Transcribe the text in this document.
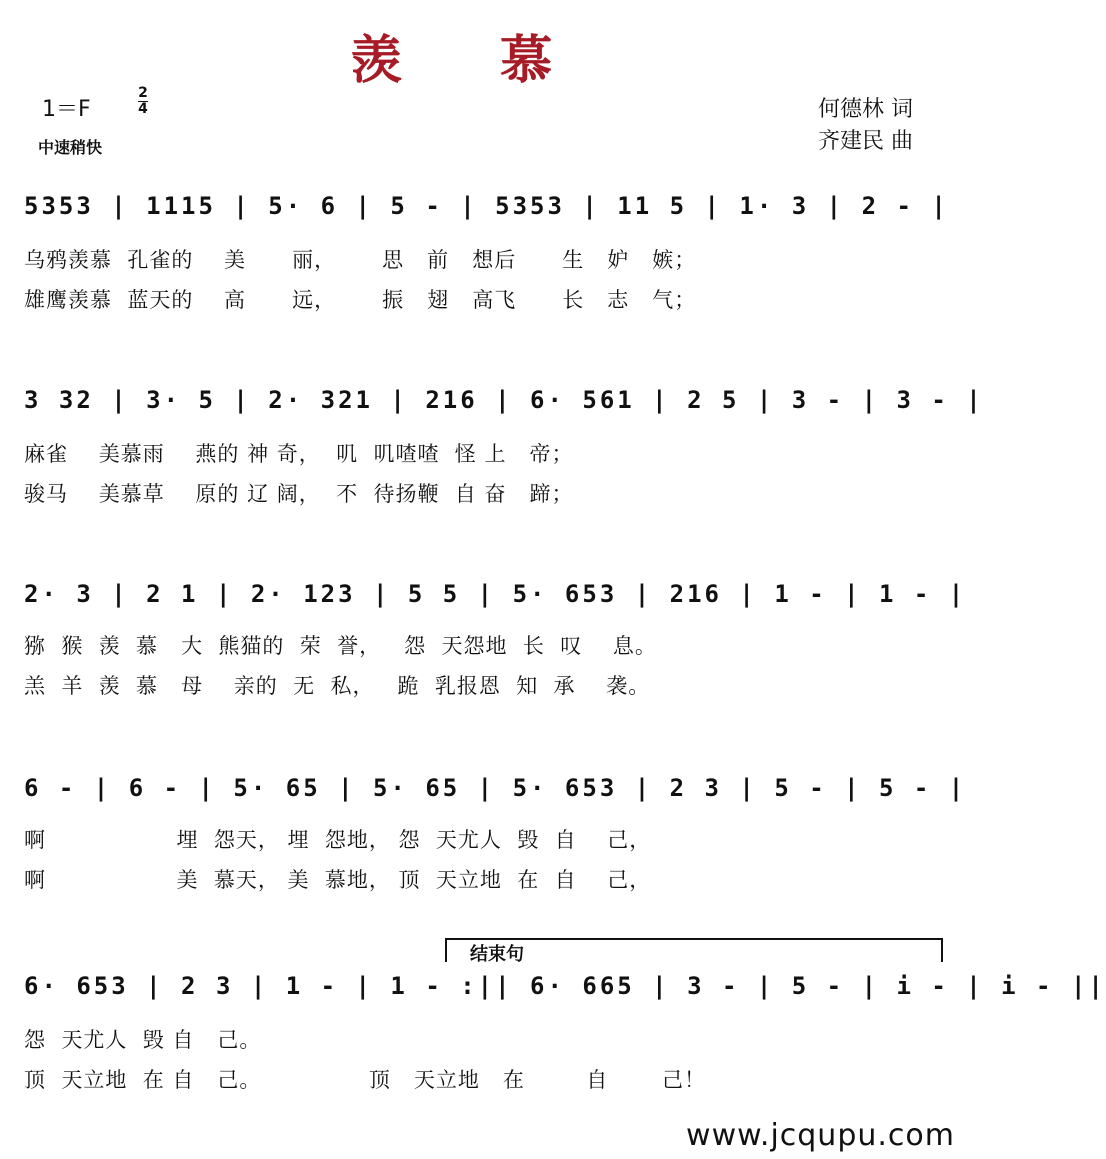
羡 慕
1＝F
2
4
中速稍快
何德林 词
齐建民 曲
5353 | 1115 | 5· 6 | 5 - | 5353 | 11 5 | 1· 3 | 2 - |
乌鸦羡慕  孔雀的    美      丽，      思   前   想后      生   妒   嫉；
雄鹰羡慕  蓝天的    高      远，      振   翅   高飞      长   志   气；
3 32 | 3· 5 | 2· 321 | 216 | 6· 561 | 2 5 | 3 - | 3 - |
麻雀    美慕雨    燕的 神 奇，  叽  叽喳喳  怪 上   帝；
骏马    美慕草    原的 辽 阔，  不  待扬鞭  自 奋   蹄；
2· 3 | 2 1 | 2· 123 | 5 5 | 5· 653 | 216 | 1 - | 1 - |
猕  猴  羡  慕   大  熊猫的  荣  誉，   怨  天怨地  长  叹    息。
羔  羊  羡  慕   母    亲的  无  私，   跪  乳报恩  知  承    袭。
6 - | 6 - | 5· 65 | 5· 65 | 5· 653 | 2 3 | 5 - | 5 - |
啊                 埋  怨天， 埋  怨地， 怨  天尤人  毁  自    己，
啊                 美  慕天， 美  慕地， 顶  天立地  在  自    己，
结束句
6· 653 | 2 3 | 1 - | 1 - :|| 6· 665 | 3 - | 5 - | i - | i - ||
怨  天尤人  毁 自   己。
顶  天立地  在 自   己。              顶   天立地   在        自       己！
www.jcqupu.com
